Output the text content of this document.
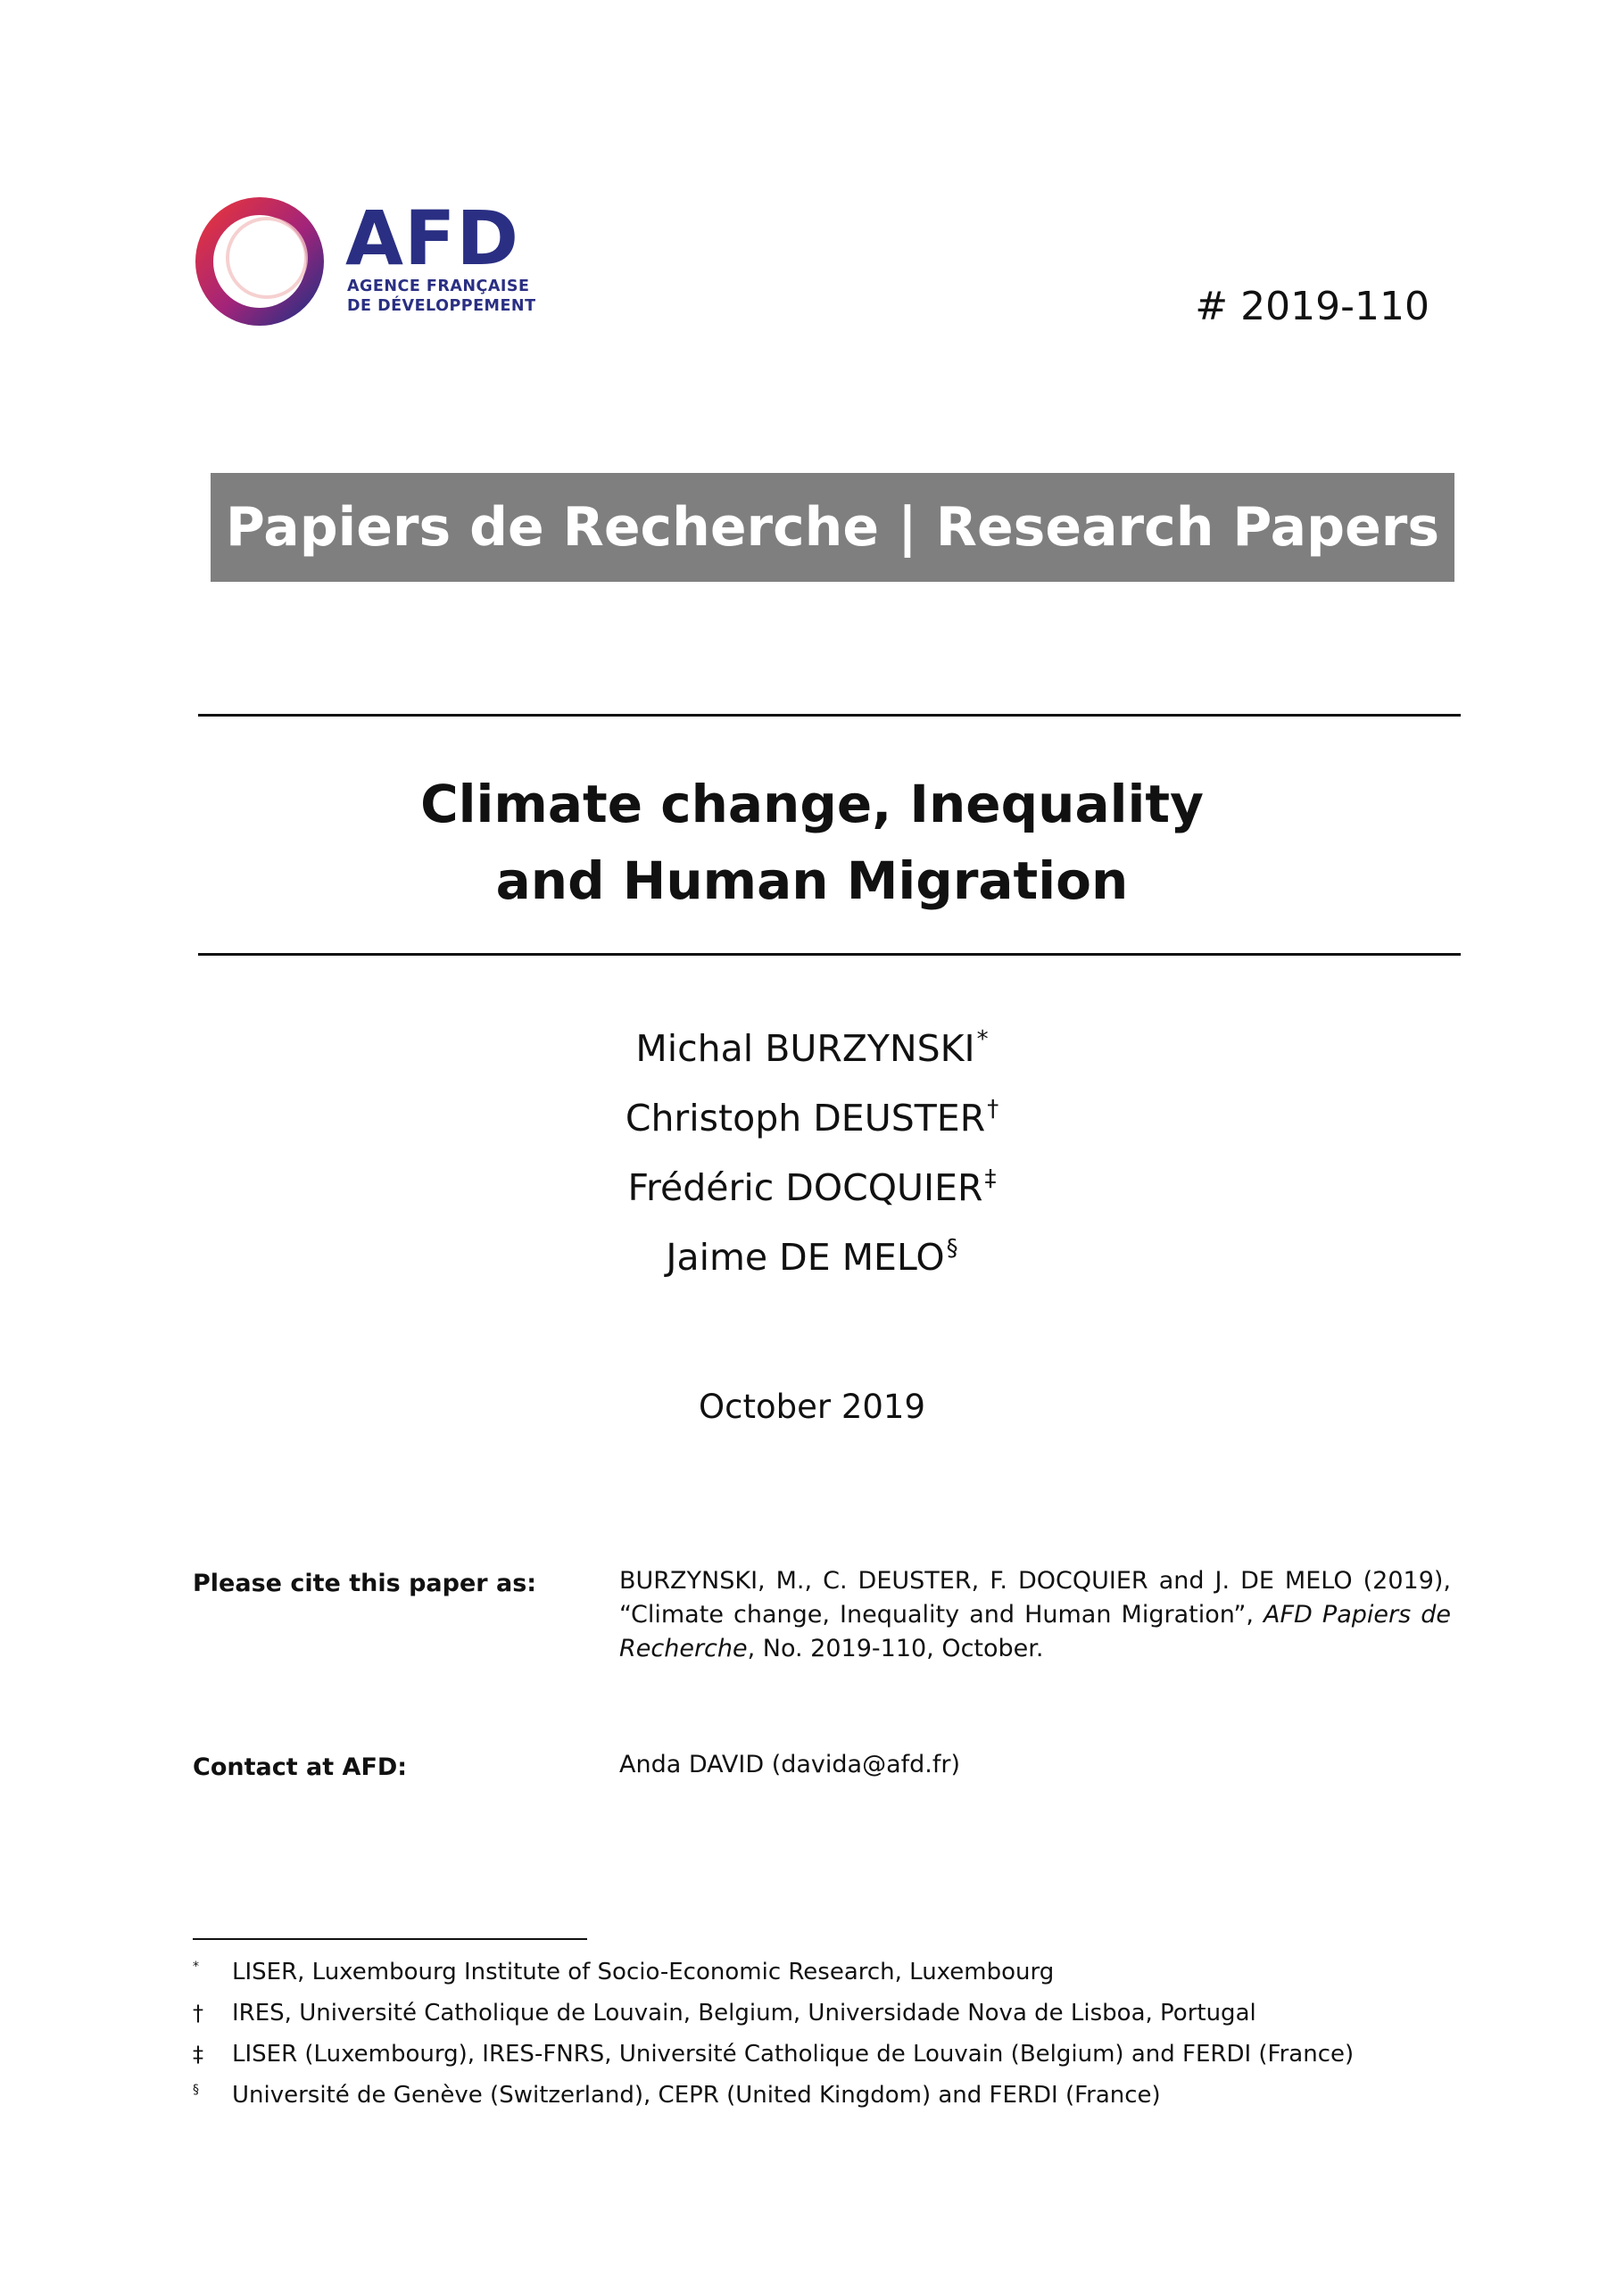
AFD
AGENCE FRANÇAISE
DE DÉVELOPPEMENT	# 2019-110
Papiers de Recherche | Research Papers
Climate change, Inequality
and Human Migration
Michal BURZYNSKI*
Christoph DEUSTER†
Frédéric DOCQUIER‡
Jaime DE MELO§
October 2019
Please cite this paper as:	BURZYNSKI, M., C. DEUSTER, F. DOCQUIER and J. DE MELO (2019), “Climate change, Inequality and Human Migration”, AFD Papiers de Recherche, No. 2019-110, October.
Contact at AFD:	Anda DAVID (davida@afd.fr)
* LISER, Luxembourg Institute of Socio-Economic Research, Luxembourg
† IRES, Université Catholique de Louvain, Belgium, Universidade Nova de Lisboa, Portugal
‡ LISER (Luxembourg), IRES-FNRS, Université Catholique de Louvain (Belgium) and FERDI (France)
§ Université de Genève (Switzerland), CEPR (United Kingdom) and FERDI (France)
